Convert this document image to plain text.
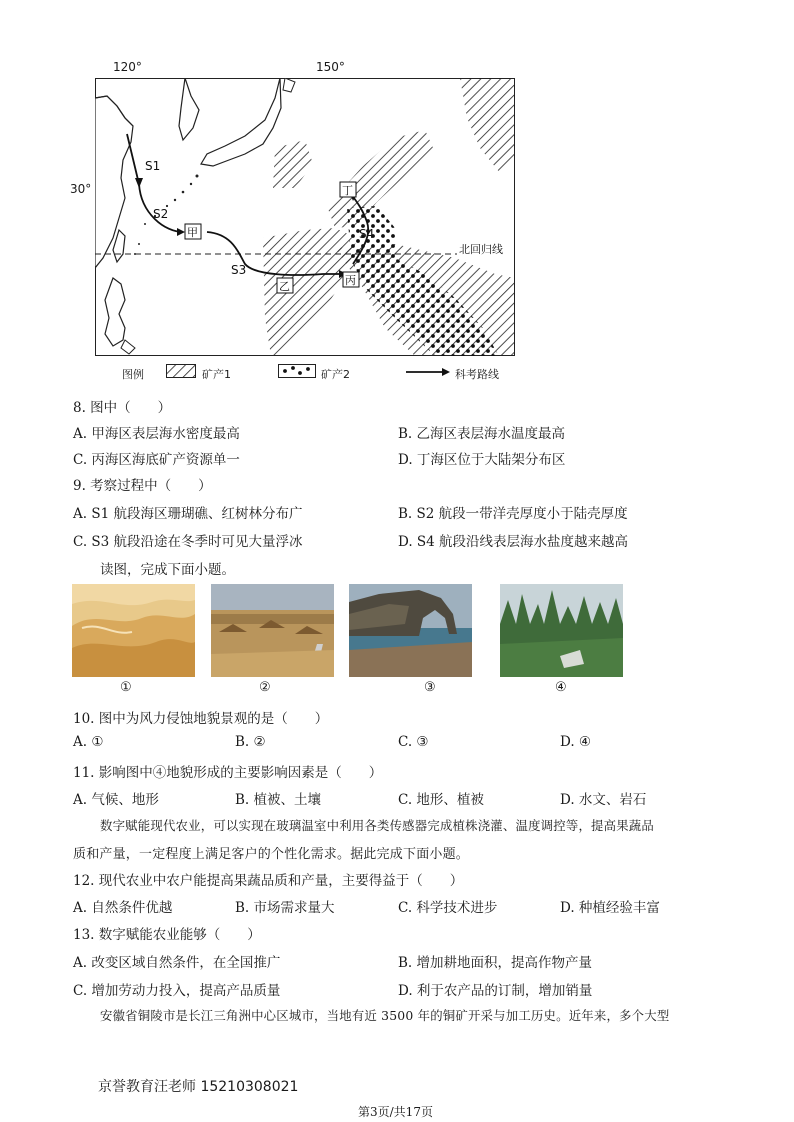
120°	150°
30°
S1
S2
S3
S4
甲
乙	丙
丁
北回归线
图例	矿产1	矿产2	科考路线
8. 图中（　　）
A. 甲海区表层海水密度最高	B. 乙海区表层海水温度最高
C. 丙海区海底矿产资源单一	D. 丁海区位于大陆架分布区
9. 考察过程中（　　）
A. S1 航段海区珊瑚礁、红树林分布广	B. S2 航段一带洋壳厚度小于陆壳厚度
C. S3 航段沿途在冬季时可见大量浮冰	D. S4 航段沿线表层海水盐度越来越高
读图，完成下面小题。
①	②	③	④
10. 图中为风力侵蚀地貌景观的是（　　）
A. ①	B. ②	C. ③	D. ④
11. 影响图中④地貌形成的主要影响因素是（　　）
A. 气候、地形	B. 植被、土壤	C. 地形、植被	D. 水文、岩石
数字赋能现代农业，可以实现在玻璃温室中利用各类传感器完成植株浇灌、温度调控等，提高果蔬品
质和产量，一定程度上满足客户的个性化需求。据此完成下面小题。
12. 现代农业中农户能提高果蔬品质和产量，主要得益于（　　）
A. 自然条件优越	B. 市场需求量大	C. 科学技术进步	D. 种植经验丰富
13. 数字赋能农业能够（　　）
A. 改变区域自然条件，在全国推广	B. 增加耕地面积，提高作物产量
C. 增加劳动力投入，提高产品质量	D. 利于农产品的订制，增加销量
安徽省铜陵市是长江三角洲中心区城市，当地有近 3500 年的铜矿开采与加工历史。近年来，多个大型
京誉教育汪老师 15210308021
第3页/共17页
